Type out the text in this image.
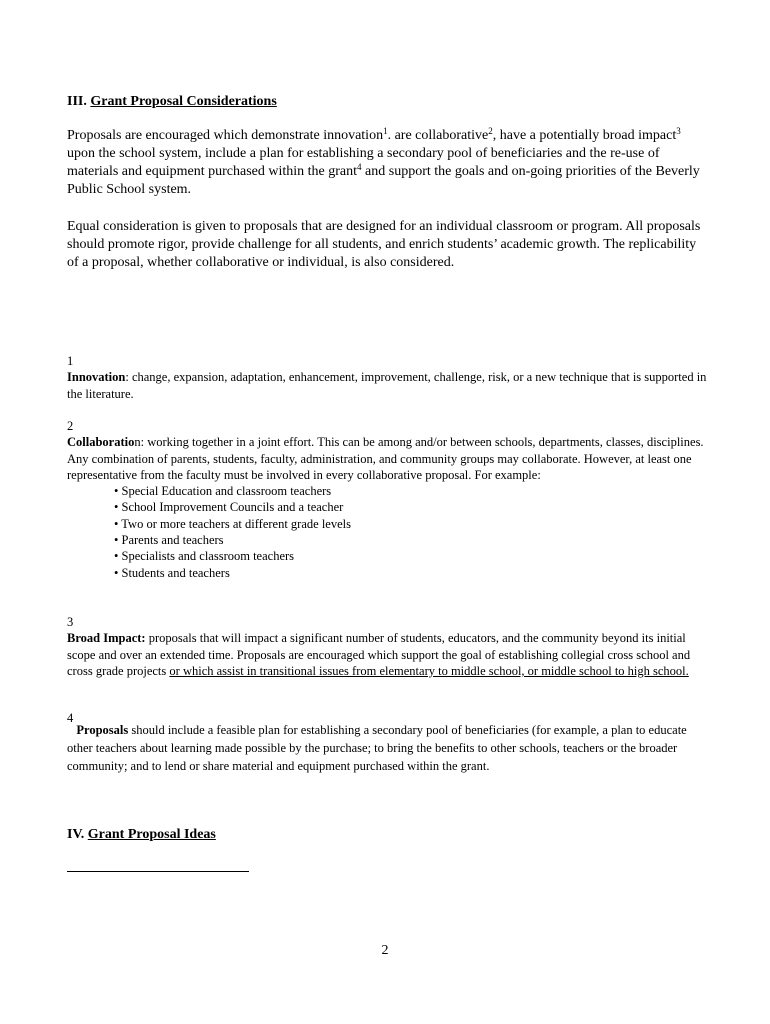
III. Grant Proposal Considerations
Proposals are encouraged which demonstrate innovation$^1$. are collaborative$^2$, have a potentially broad impact$^3$ upon the school system, include a plan for establishing a secondary pool of beneficiaries and the re-use of materials and equipment purchased within the grant$^4$ and support the goals and on-going priorities of the Beverly Public School system.
Equal consideration is given to proposals that are designed for an individual classroom or program. All proposals should promote rigor, provide challenge for all students, and enrich students’ academic growth. The replicability of a proposal, whether collaborative or individual, is also considered.
1
Innovation: change, expansion, adaptation, enhancement, improvement, challenge, risk, or a new technique that is supported in the literature.
2
Collaboration: working together in a joint effort. This can be among and/or between schools, departments, classes, disciplines. Any combination of parents, students, faculty, administration, and community groups may collaborate. However, at least one representative from the faculty must be involved in every collaborative proposal. For example:
• Special Education and classroom teachers
• School Improvement Councils and a teacher
• Two or more teachers at different grade levels
• Parents and teachers
• Specialists and classroom teachers
• Students and teachers
3
Broad Impact: proposals that will impact a significant number of students, educators, and the community beyond its initial scope and over an extended time. Proposals are encouraged which support the goal of establishing collegial cross school and cross grade projects or which assist in transitional issues from elementary to middle school, or middle school to high school.
4
Proposals should include a feasible plan for establishing a secondary pool of beneficiaries (for example, a plan to educate other teachers about learning made possible by the purchase; to bring the benefits to other schools, teachers or the broader community; and to lend or share material and equipment purchased within the grant.
IV. Grant Proposal Ideas
2
